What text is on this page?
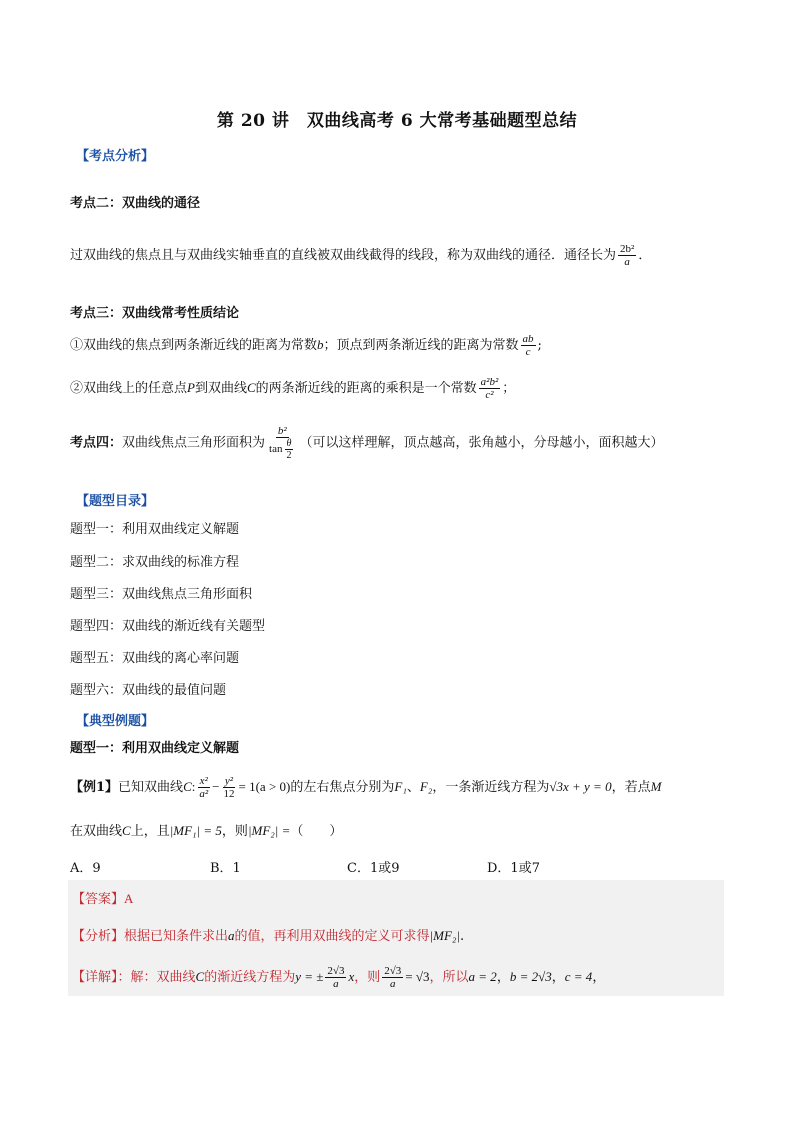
第 20 讲　双曲线高考 6 大常考基础题型总结
【考点分析】
考点二：双曲线的通径
过双曲线的焦点且与双曲线实轴垂直的直线被双曲线截得的线段，称为双曲线的通径．通径长为 $\frac{\text{2b²}}{a}$ ．
考点三：双曲线常考性质结论
①双曲线的焦点到两条渐近线的距离为常数b；顶点到两条渐近线的距离为常数 $\frac{ab}{c}$ ;
②双曲线上的任意点P到双曲线C的两条渐近线的距离的乘积是一个常数 $\frac{\text{a²b²}}{\text{c²}}$ ；
考点四：双曲线焦点三角形面积为 $\frac{\text{b²}}{\tan \frac{\theta}{2}}$ （可以这样理解，顶点越高，张角越小，分母越小，面积越大）
【题型目录】
题型一：利用双曲线定义解题
题型二：求双曲线的标准方程
题型三：双曲线焦点三角形面积
题型四：双曲线的渐近线有关题型
题型五：双曲线的离心率问题
题型六：双曲线的最值问题
【典型例题】
题型一：利用双曲线定义解题
【例1】已知双曲线C: $\frac{\text{x²}}{\text{a²}} - \frac{\text{y²}}{12} = 1(a > 0)$的左右焦点分别为F₁、F₂，一条渐近线方程为√3x + y = 0，若点M
在双曲线C上，且|MF₁| = 5，则|MF₂| =（　　）
A．9	B．1	C．1或9	D．1或7
【答案】A
【分析】根据已知条件求出a的值，再利用双曲线的定义可求得|MF₂|.
【详解】：解：双曲线C的渐近线方程为y = ± $\frac{2√3}{a}$ x，则 $\frac{2√3}{a} = √3$，所以a = 2，b = 2√3，c = 4，
